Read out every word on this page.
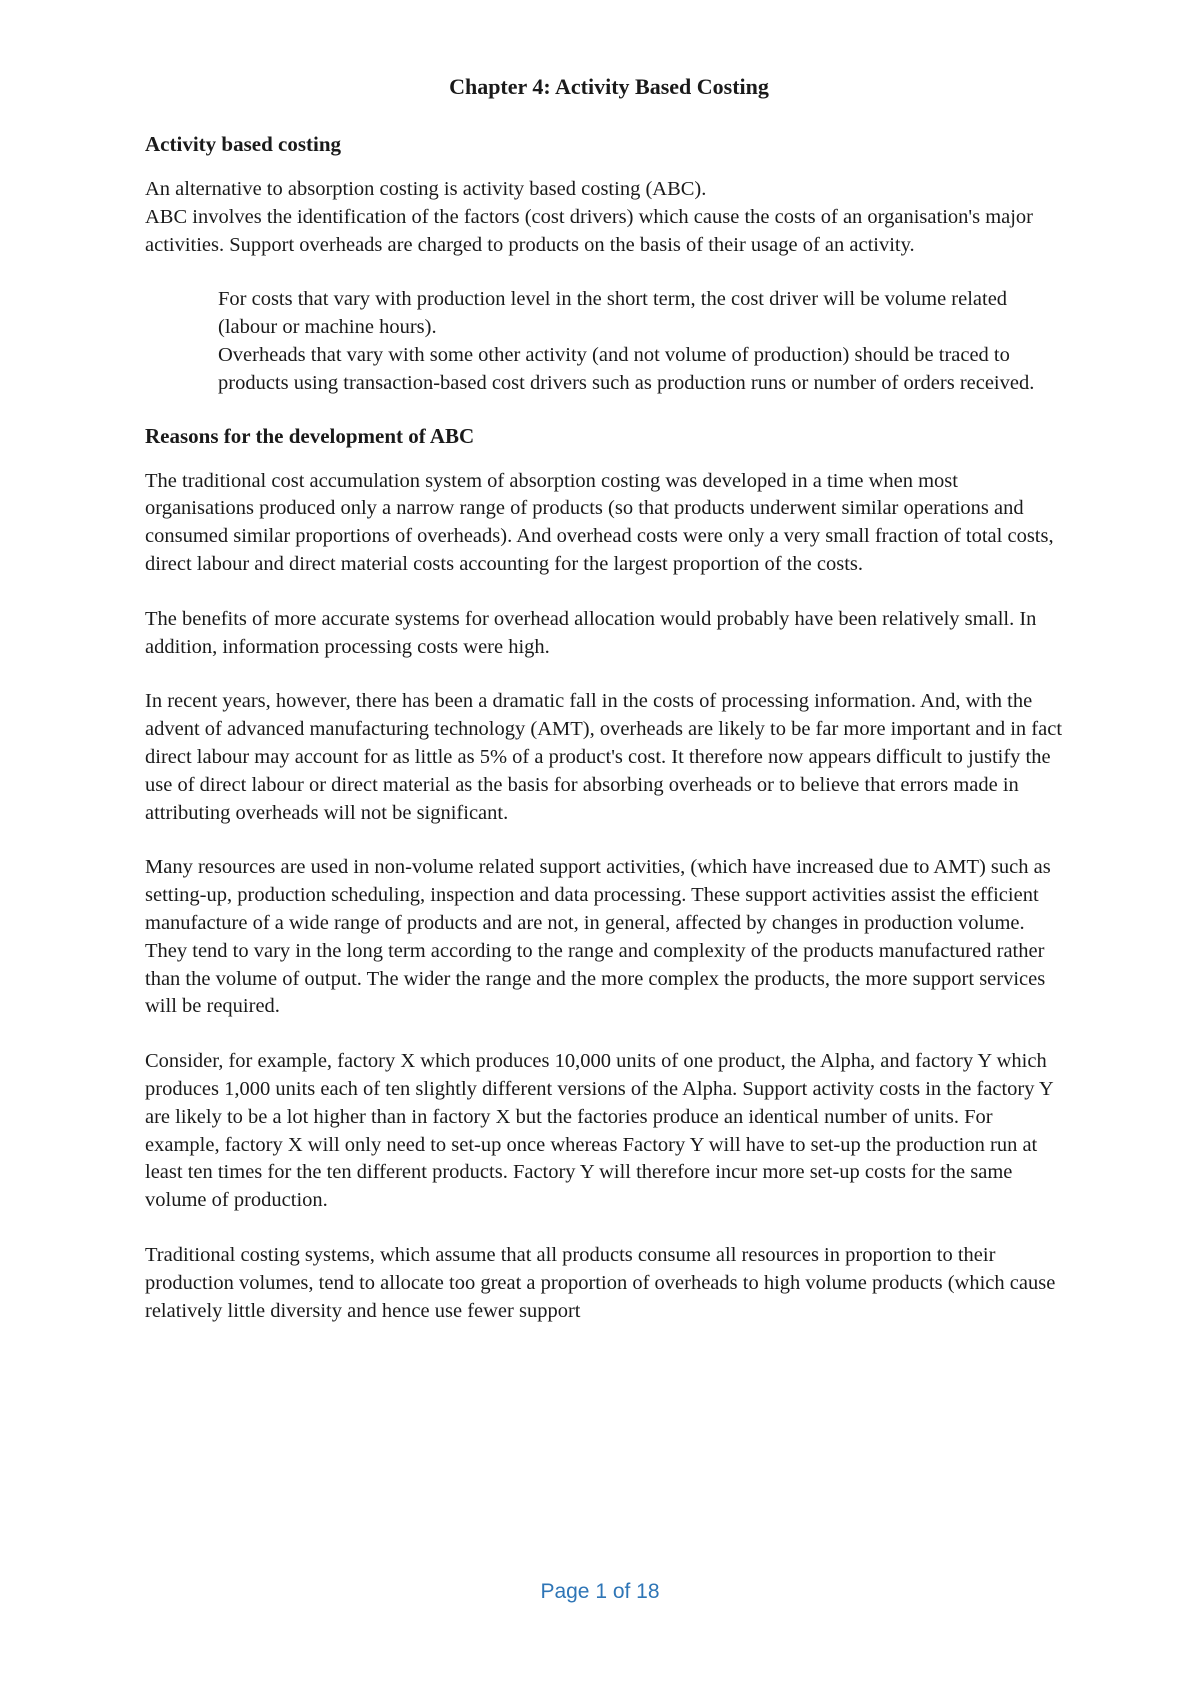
Chapter 4: Activity Based Costing
Activity based costing

An alternative to absorption costing is activity based costing (ABC).

ABC involves the identification of the factors (cost drivers) which cause the costs of an organisation's major activities. Support overheads are charged to products on the basis of their usage of an activity.

For costs that vary with production level in the short term, the cost driver will be volume related (labour or machine hours).

Overheads that vary with some other activity (and not volume of production) should be traced to products using transaction-based cost drivers such as production runs or number of orders received.

Reasons for the development of ABC

The traditional cost accumulation system of absorption costing was developed in a time when most organisations produced only a narrow range of products (so that products underwent similar operations and consumed similar proportions of overheads). And overhead costs were only a very small fraction of total costs, direct labour and direct material costs accounting for the largest proportion of the costs.

The benefits of more accurate systems for overhead allocation would probably have been relatively small. In addition, information processing costs were high.

In recent years, however, there has been a dramatic fall in the costs of processing information. And, with the advent of advanced manufacturing technology (AMT), overheads are likely to be far more important and in fact direct labour may account for as little as 5% of a product's cost. It therefore now appears difficult to justify the use of direct labour or direct material as the basis for absorbing overheads or to believe that errors made in attributing overheads will not be significant.

Many resources are used in non-volume related support activities, (which have increased due to AMT) such as setting-up, production scheduling, inspection and data processing. These support activities assist the efficient manufacture of a wide range of products and are not, in general, affected by changes in production volume. They tend to vary in the long term according to the range and complexity of the products manufactured rather than the volume of output. The wider the range and the more complex the products, the more support services will be required.

Consider, for example, factory X which produces 10,000 units of one product, the Alpha, and factory Y which produces 1,000 units each of ten slightly different versions of the Alpha. Support activity costs in the factory Y are likely to be a lot higher than in factory X but the factories produce an identical number of units. For example, factory X will only need to set-up once whereas Factory Y will have to set-up the production run at least ten times for the ten different products. Factory Y will therefore incur more set-up costs for the same volume of production.

Traditional costing systems, which assume that all products consume all resources in proportion to their production volumes, tend to allocate too great a proportion of overheads to high volume products (which cause relatively little diversity and hence use fewer support

Page 1 of 18
